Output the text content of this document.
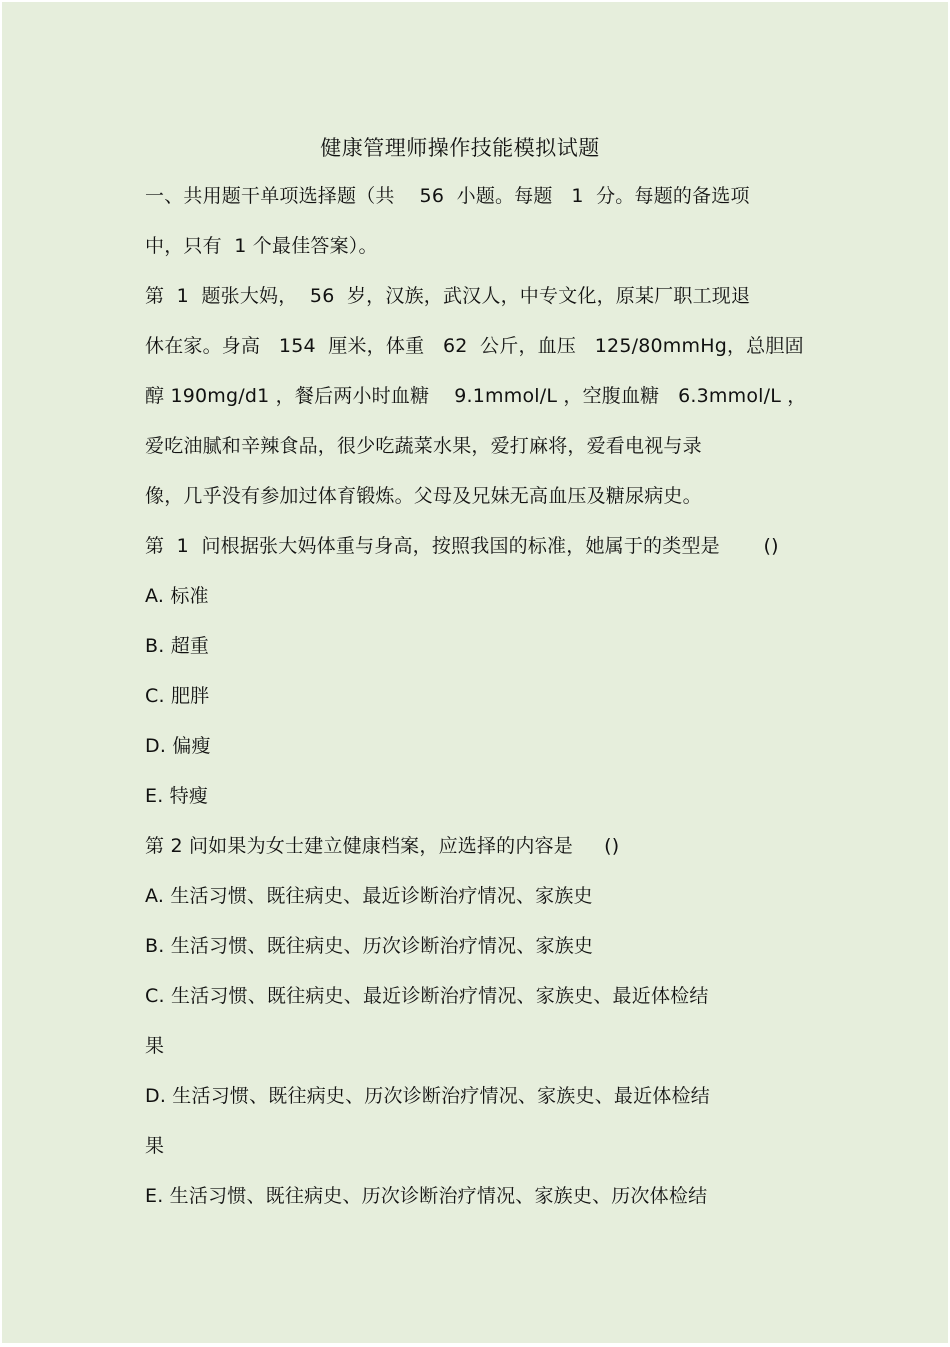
健康管理师操作技能模拟试题
一、共用题干单项选择题（共    56  小题。每题   1  分。每题的备选项
中，只有  1 个最佳答案）。
第  1  题张大妈，  56  岁，汉族，武汉人，中专文化，原某厂职工现退
休在家。身高   154  厘米，体重   62  公斤，血压   125/80mmHg，总胆固
醇 190mg/d1 ，餐后两小时血糖    9.1mmol/L ，空腹血糖   6.3mmol/L ，
爱吃油腻和辛辣食品，很少吃蔬菜水果，爱打麻将，爱看电视与录
像，几乎没有参加过体育锻炼。父母及兄妹无高血压及糖尿病史。
第  1  问根据张大妈体重与身高，按照我国的标准，她属于的类型是       ()
A. 标准
B. 超重
C. 肥胖
D. 偏瘦
E. 特瘦
第 2 问如果为女士建立健康档案，应选择的内容是     ()
A. 生活习惯、既往病史、最近诊断治疗情况、家族史
B. 生活习惯、既往病史、历次诊断治疗情况、家族史
C. 生活习惯、既往病史、最近诊断治疗情况、家族史、最近体检结
果
D. 生活习惯、既往病史、历次诊断治疗情况、家族史、最近体检结
果
E. 生活习惯、既往病史、历次诊断治疗情况、家族史、历次体检结
